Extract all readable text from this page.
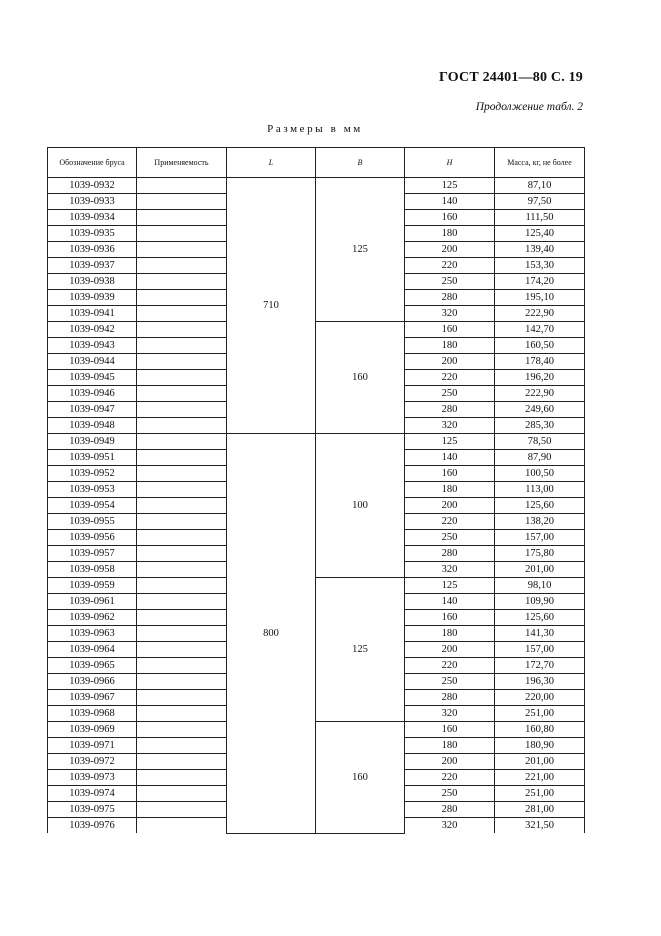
ГОСТ 24401—80 С. 19
Продолжение табл. 2
Размеры в мм
Обозначение бруса	Применяемость	L	B	H	Масса, кг, не более
1039-0932		710	125	125	87,10
1039-0933				140	97,50
1039-0934				160	111,50
1039-0935				180	125,40
1039-0936				200	139,40
1039-0937				220	153,30
1039-0938				250	174,20
1039-0939				280	195,10
1039-0941				320	222,90
1039-0942			160	160	142,70
1039-0943				180	160,50
1039-0944				200	178,40
1039-0945				220	196,20
1039-0946				250	222,90
1039-0947				280	249,60
1039-0948				320	285,30
1039-0949		800	100	125	78,50
1039-0951				140	87,90
1039-0952				160	100,50
1039-0953				180	113,00
1039-0954				200	125,60
1039-0955				220	138,20
1039-0956				250	157,00
1039-0957				280	175,80
1039-0958				320	201,00
1039-0959			125	125	98,10
1039-0961				140	109,90
1039-0962				160	125,60
1039-0963				180	141,30
1039-0964				200	157,00
1039-0965				220	172,70
1039-0966				250	196,30
1039-0967				280	220,00
1039-0968				320	251,00
1039-0969			160	160	160,80
1039-0971				180	180,90
1039-0972				200	201,00
1039-0973				220	221,00
1039-0974				250	251,00
1039-0975				280	281,00
1039-0976				320	321,50
